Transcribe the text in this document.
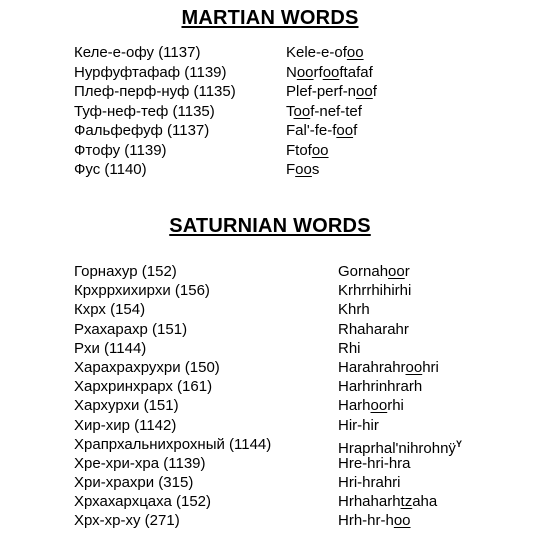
MARTIAN WORDS
Келе-е-офу (1137)
Нурфуфтафаф (1139)
Плеф-перф-нуф (1135)
Туф-неф-теф (1135)
Фальфефуф (1137)
Фтофу (1139)
Фус (1140)
Kele-e-ofoo
Noorfooftafaf
Plef-perf-noof
Toof-nef-tef
Fal'-fe-foof
Ftofoo
Foos
SATURNIAN WORDS
Горнахур (152)
Крхррхихирхи (156)
Кхрх (154)
Рхахарахр (151)
Рхи (1144)
Харахрахрухри (150)
Хархринхрарх (161)
Хархурхи (151)
Хир-хир (1142)
Храпрхальнихрохный (1144)
Хре-хри-хра (1139)
Хри-храхри (315)
Хрхахархцаха (152)
Хрх-хр-ху (271)
Gornahoor
Krhrrhihirhi
Khrh
Rhaharahr
Rhi
Harahrahroohri
Harhrinhrarh
Harhoorhi
Hir-hir
Hraprhal'nihrohnÿ$^Y$
Hre-hri-hra
Hri-hrahri
Hrhaharhtzaha
Hrh-hr-hoo
